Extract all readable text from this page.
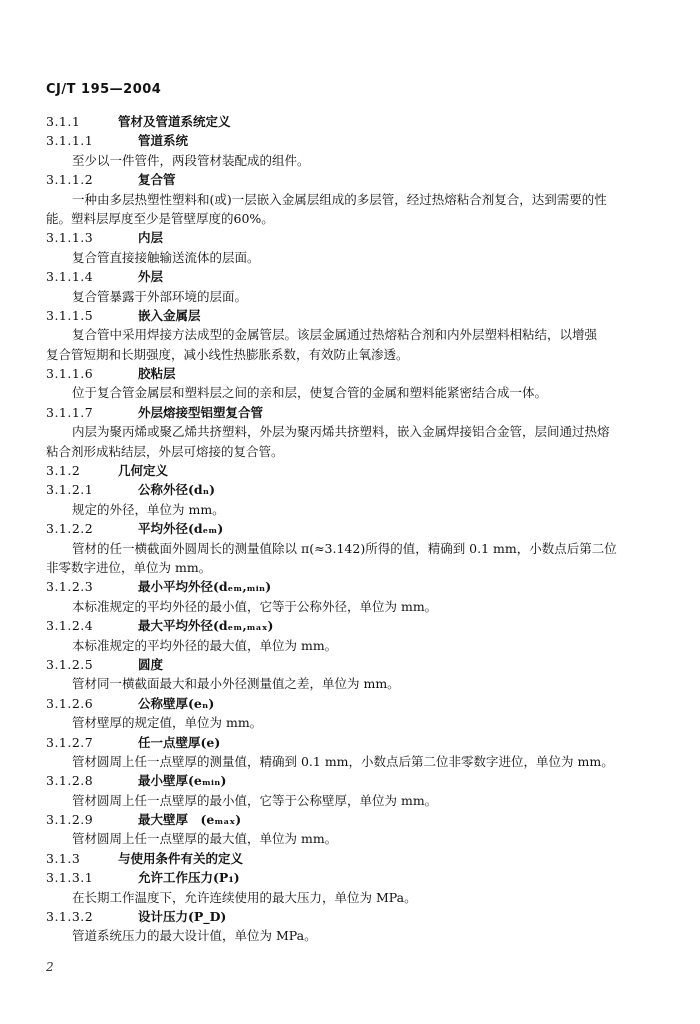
CJ/T 195—2004
3.1.1	管材及管道系统定义
3.1.1.1	管道系统
至少以一件管件，两段管材装配成的组件。
3.1.1.2	复合管
一种由多层热塑性塑料和(或)一层嵌入金属层组成的多层管，经过热熔粘合剂复合，达到需要的性
能。塑料层厚度至少是管壁厚度的60%。
3.1.1.3	内层
复合管直接接触输送流体的层面。
3.1.1.4	外层
复合管暴露于外部环境的层面。
3.1.1.5	嵌入金属层
复合管中采用焊接方法成型的金属管层。该层金属通过热熔粘合剂和内外层塑料相粘结，以增强
复合管短期和长期强度，减小线性热膨胀系数，有效防止氧渗透。
3.1.1.6	胶粘层
位于复合管金属层和塑料层之间的亲和层，使复合管的金属和塑料能紧密结合成一体。
3.1.1.7	外层熔接型铝塑复合管
内层为聚丙烯或聚乙烯共挤塑料，外层为聚丙烯共挤塑料，嵌入金属焊接铝合金管，层间通过热熔
粘合剂形成粘结层，外层可熔接的复合管。
3.1.2	几何定义
3.1.2.1	公称外径(dₙ)
规定的外径，单位为 mm。
3.1.2.2	平均外径(dₑₘ)
管材的任一横截面外圆周长的测量值除以 π(≈3.142)所得的值，精确到 0.1 mm，小数点后第二位
非零数字进位，单位为 mm。
3.1.2.3	最小平均外径(dₑₘ,ₘᵢₙ)
本标准规定的平均外径的最小值，它等于公称外径，单位为 mm。
3.1.2.4	最大平均外径(dₑₘ,ₘₐₓ)
本标准规定的平均外径的最大值，单位为 mm。
3.1.2.5	圆度
管材同一横截面最大和最小外径测量值之差，单位为 mm。
3.1.2.6	公称壁厚(eₙ)
管材壁厚的规定值，单位为 mm。
3.1.2.7	任一点壁厚(e)
管材圆周上任一点壁厚的测量值，精确到 0.1 mm，小数点后第二位非零数字进位，单位为 mm。
3.1.2.8	最小壁厚(eₘᵢₙ)
管材圆周上任一点壁厚的最小值，它等于公称壁厚，单位为 mm。
3.1.2.9	最大壁厚　(eₘₐₓ)
管材圆周上任一点壁厚的最大值，单位为 mm。
3.1.3	与使用条件有关的定义
3.1.3.1	允许工作压力(P₁)
在长期工作温度下，允许连续使用的最大压力，单位为 MPa。
3.1.3.2	设计压力(P_D)
管道系统压力的最大设计值，单位为 MPa。
2
